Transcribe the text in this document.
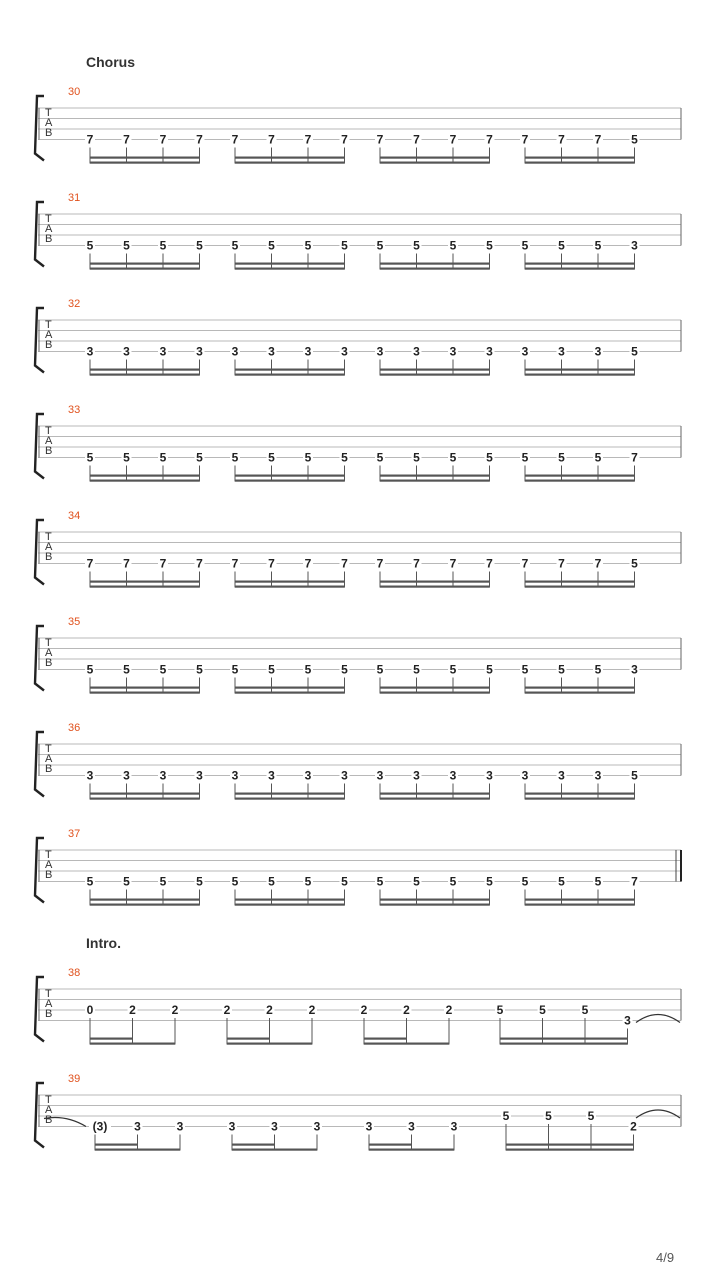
Chorus
Intro.
T
A
B
30
7 7 7 7 7 7 7 7 7 7 7 7 7 7 7 5
T
A
B
31
5 5 5 5 5 5 5 5 5 5 5 5 5 5 5 3
T
A
B
32
3 3 3 3 3 3 3 3 3 3 3 3 3 3 3 5
T
A
B
33
5 5 5 5 5 5 5 5 5 5 5 5 5 5 5 7
T
A
B
34
7 7 7 7 7 7 7 7 7 7 7 7 7 7 7 5
T
A
B
35
5 5 5 5 5 5 5 5 5 5 5 5 5 5 5 3
T
A
B
36
3 3 3 3 3 3 3 3 3 3 3 3 3 3 3 5
T
A
B
37
5 5 5 5 5 5 5 5 5 5 5 5 5 5 5 7
T
A
B
38
0	2	2	2	2	2	2	2	2	5	5	5
3
T
A
B
39
(3) 3	3	3	3	3	3	3	3
5	5	5
2
4/9
